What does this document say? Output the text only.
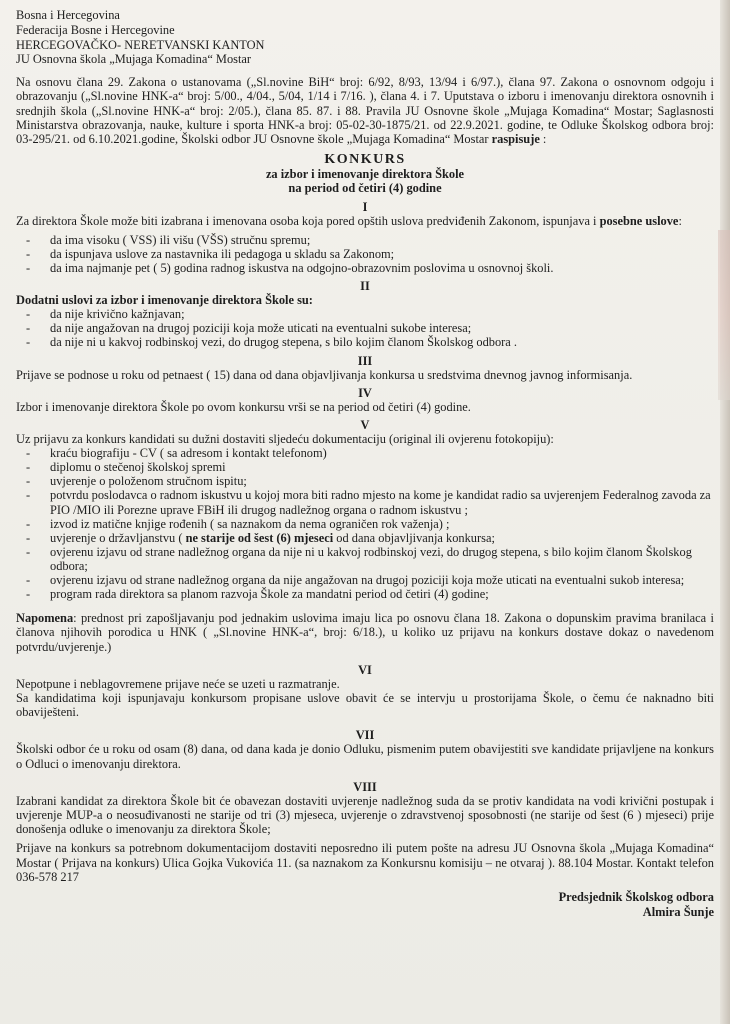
Bosna i Hercegovina
Federacija Bosne i Hercegovine
HERCEGOVAČKO- NERETVANSKI KANTON
JU Osnovna škola „Mujaga Komadina“ Mostar
Na osnovu člana 29. Zakona o ustanovama („Sl.novine BiH“ broj: 6/92, 8/93, 13/94 i 6/97.), člana 97. Zakona o osnovnom odgoju i obrazovanju („Sl.novine HNK-a“ broj: 5/00., 4/04., 5/04, 1/14 i 7/16. ), člana 4. i 7. Uputstava o izboru i imenovanju direktora osnovnih i srednjih škola („Sl.novine HNK-a“ broj: 2/05.), člana 85. 87. i 88. Pravila JU Osnovne škole „Mujaga Komadina“ Mostar; Saglasnosti Ministarstva obrazovanja, nauke, kulture i sporta HNK-a broj: 05-02-30-1875/21. od 22.9.2021. godine, te Odluke Školskog odbora broj: 03-295/21. od 6.10.2021.godine, Školski odbor JU Osnovne škole „Mujaga Komadina“ Mostar raspisuje :
KONKURS
za izbor i imenovanje direktora Škole
na period od četiri (4) godine
I
Za direktora Škole može biti izabrana i imenovana osoba koja pored opštih uslova predviđenih Zakonom, ispunjava i posebne uslove:
- da ima visoku ( VSS) ili višu (VŠS) stručnu spremu;
- da ispunjava uslove za nastavnika ili pedagoga u skladu sa Zakonom;
- da ima najmanje pet ( 5) godina radnog iskustva na odgojno-obrazovnim poslovima u osnovnoj školi.
II
Dodatni uslovi za izbor i imenovanje direktora Škole su:
- da nije krivično kažnjavan;
- da nije angažovan na drugoj poziciji koja može uticati na eventualni sukobe interesa;
- da nije ni u kakvoj rodbinskoj vezi, do drugog stepena, s bilo kojim članom Školskog odbora .
III
Prijave se podnose u roku od petnaest ( 15) dana od dana objavljivanja konkursa u sredstvima dnevnog javnog informisanja.
IV
Izbor i imenovanje direktora Škole po ovom konkursu vrši se na period od četiri (4) godine.
V
Uz prijavu za konkurs kandidati su dužni dostaviti sljedeću dokumentaciju (original ili ovjerenu fotokopiju):
- kraću biografiju - CV ( sa adresom i kontakt telefonom)
- diplomu o stečenoj školskoj spremi
- uvjerenje o položenom stručnom ispitu;
- potvrdu poslodavca o radnom iskustvu u kojoj mora biti radno mjesto na kome je kandidat radio sa uvjerenjem Federalnog zavoda za PIO /MIO ili Porezne uprave FBiH ili drugog nadležnog organa o radnom iskustvu ;
- izvod iz matične knjige rođenih ( sa naznakom da nema ograničen rok važenja) ;
- uvjerenje o državljanstvu ( ne starije od šest (6) mjeseci od dana objavljivanja konkursa;
- ovjerenu izjavu od strane nadležnog organa da nije ni u kakvoj rodbinskoj vezi, do drugog stepena, s bilo kojim članom Školskog odbora;
- ovjerenu izjavu od strane nadležnog organa da nije angažovan na drugoj poziciji koja može uticati na eventualni sukob interesa;
- program rada direktora sa planom razvoja Škole za mandatni period od četiri (4) godine;
Napomena: prednost pri zapošljavanju pod jednakim uslovima imaju lica po osnovu člana 18. Zakona o dopunskim pravima branilaca i članova njihovih porodica u HNK ( „Sl.novine HNK-a“, broj: 6/18.), u koliko uz prijavu na konkurs dostave dokaz o navedenom potvrdu/uvjerenje.)
VI
Nepotpune i neblagovremene prijave neće se uzeti u razmatranje.
Sa kandidatima koji ispunjavaju konkursom propisane uslove obavit će se intervju u prostorijama Škole, o čemu će naknadno biti obaviješteni.
VII
Školski odbor će u roku od osam (8) dana, od dana kada je donio Odluku, pismenim putem obavijestiti sve kandidate prijavljene na konkurs o Odluci o imenovanju direktora.
VIII
Izabrani kandidat za direktora Škole bit će obavezan dostaviti uvjerenje nadležnog suda da se protiv kandidata na vodi krivični postupak i uvjerenje MUP-a o neosuđivanosti ne starije od tri (3) mjeseca, uvjerenje o zdravstvenoj sposobnosti (ne starije od šest (6 ) mjeseci) prije donošenja odluke o imenovanju za direktora Škole;
Prijave na konkurs sa potrebnom dokumentacijom dostaviti neposredno ili putem pošte na adresu JU Osnovna škola „Mujaga Komadina“ Mostar ( Prijava na konkurs) Ulica Gojka Vukovića 11. (sa naznakom za Konkursnu komisiju – ne otvaraj ). 88.104 Mostar. Kontakt telefon 036-578 217
Predsjednik Školskog odbora
Almira Šunje
